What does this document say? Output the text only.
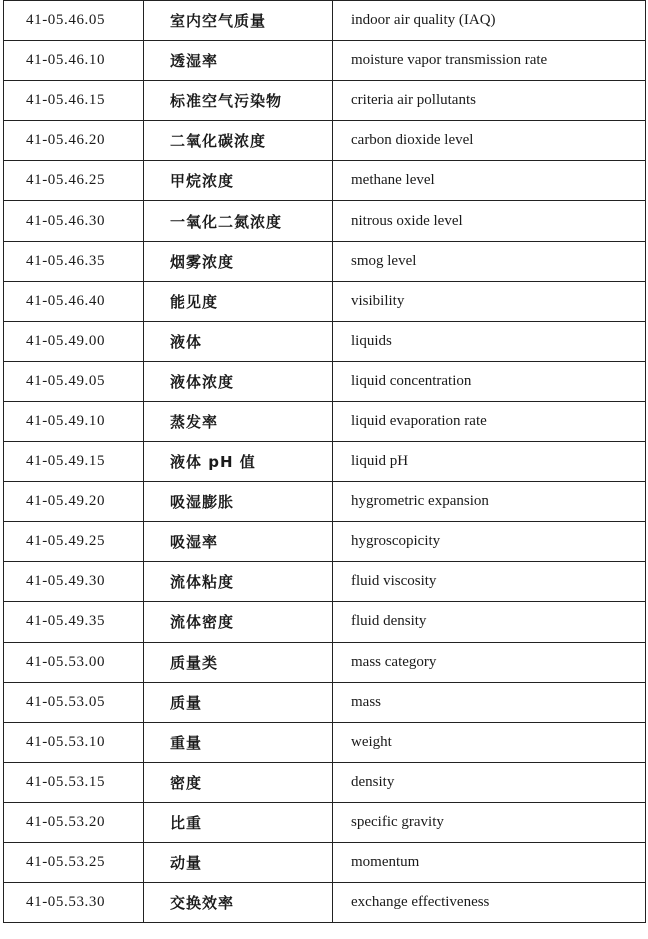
41-05.46.05	室内空气质量	indoor air quality (IAQ)
41-05.46.10	透湿率	moisture vapor transmission rate
41-05.46.15	标准空气污染物	criteria air pollutants
41-05.46.20	二氧化碳浓度	carbon dioxide level
41-05.46.25	甲烷浓度	methane level
41-05.46.30	一氧化二氮浓度	nitrous oxide level
41-05.46.35	烟雾浓度	smog level
41-05.46.40	能见度	visibility
41-05.49.00	液体	liquids
41-05.49.05	液体浓度	liquid concentration
41-05.49.10	蒸发率	liquid evaporation rate
41-05.49.15	液体 pH 值	liquid pH
41-05.49.20	吸湿膨胀	hygrometric expansion
41-05.49.25	吸湿率	hygroscopicity
41-05.49.30	流体粘度	fluid viscosity
41-05.49.35	流体密度	fluid density
41-05.53.00	质量类	mass category
41-05.53.05	质量	mass
41-05.53.10	重量	weight
41-05.53.15	密度	density
41-05.53.20	比重	specific gravity
41-05.53.25	动量	momentum
41-05.53.30	交换效率	exchange effectiveness
